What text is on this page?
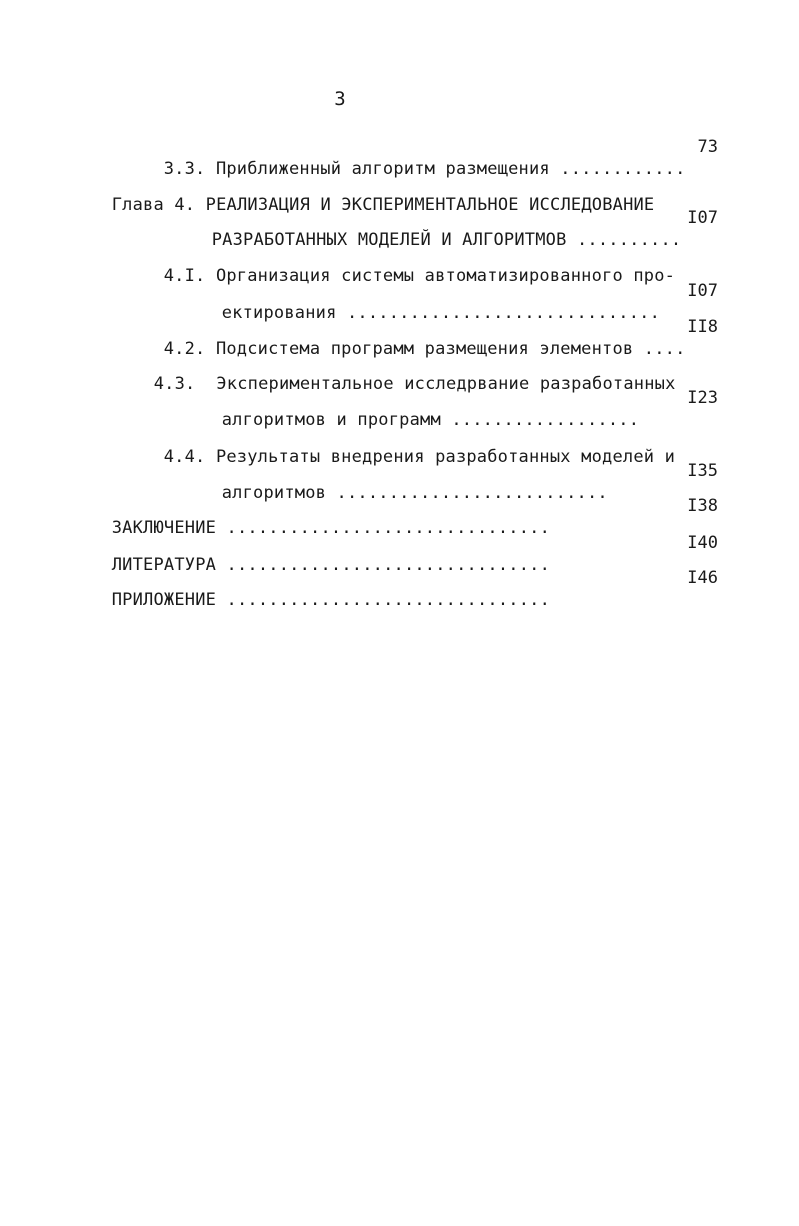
3

3.3. Приближенный алгоритм размещения ............

73

Глава 4. РЕАЛИЗАЦИЯ И ЭКСПЕРИМЕНТАЛЬНОЕ ИССЛЕДОВАНИЕ

РАЗРАБОТАННЫХ МОДЕЛЕЙ И АЛГОРИТМОВ ..........

I07

4.I. Организация системы автоматизированного про-

ектирования ..............................

I07

4.2. Подсистема программ размещения элементов ....

II8

4.3. Экспериментальное исследрвание разработанных

алгоритмов и программ ..................

I23

4.4. Результаты внедрения разработанных моделей и

алгоритмов ..........................

I35

ЗАКЛЮЧЕНИЕ ...............................

I38

ЛИТЕРАТУРА ...............................

I40

ПРИЛОЖЕНИЕ ...............................

I46
